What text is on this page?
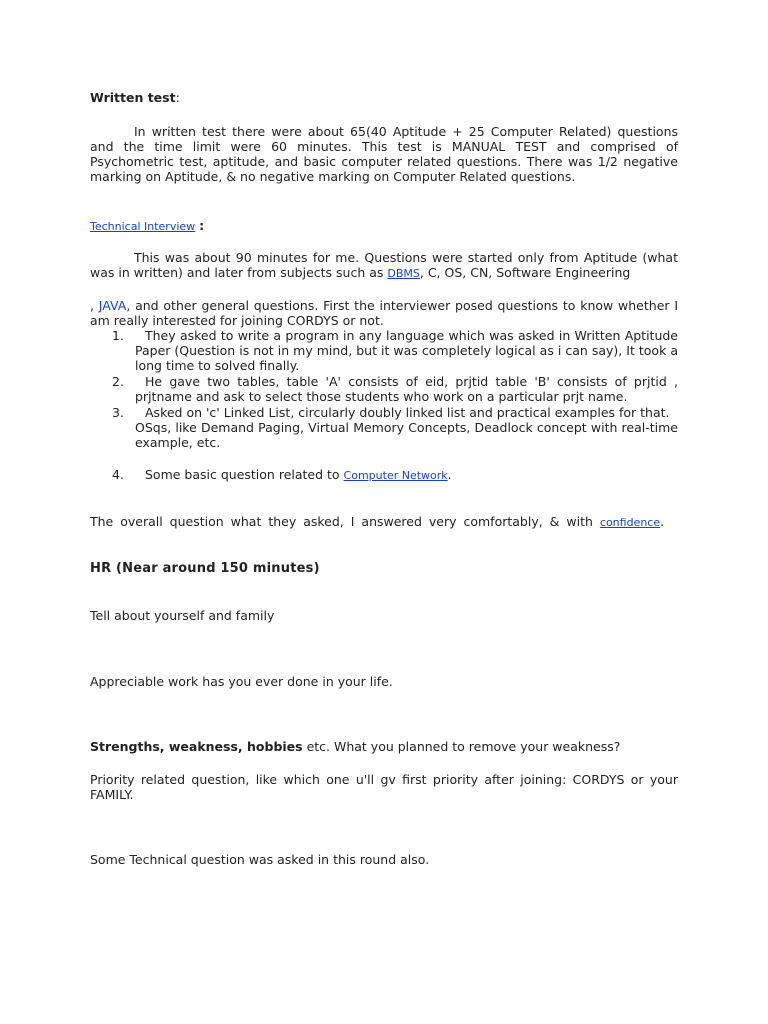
Written test:
In written test there were about 65(40 Aptitude + 25 Computer Related) questions and the time limit were 60 minutes. This test is MANUAL TEST and comprised of Psychometric test, aptitude, and basic computer related questions. There was 1/2 negative marking on Aptitude, & no negative marking on Computer Related questions.
Technical Interview :
This was about 90 minutes for me. Questions were started only from Aptitude (what was in written) and later from subjects such as DBMS, C, OS, CN, Software Engineering
, JAVA, and other general questions. First the interviewer posed questions to know whether I am really interested for joining CORDYS or not.
1.	They asked to write a program in any language which was asked in Written Aptitude Paper (Question is not in my mind, but it was completely logical as i can say), It took a long time to solved finally.
2.	He gave two tables, table 'A' consists of eid, prjtid table 'B' consists of prjtid , prjtname and ask to select those students who work on a particular prjt name.
3.	Asked on 'c' Linked List, circularly doubly linked list and practical examples for that.
OSqs, like Demand Paging, Virtual Memory Concepts, Deadlock concept with real-time example, etc.
4.	Some basic question related to Computer Network.
The overall question what they asked, I answered very comfortably, & with confidence.
HR (Near around 150 minutes)
Tell about yourself and family
Appreciable work has you ever done in your life.
Strengths, weakness, hobbies etc. What you planned to remove your weakness?
Priority related question, like which one u'll gv first priority after joining: CORDYS or your FAMILY.
Some Technical question was asked in this round also.
